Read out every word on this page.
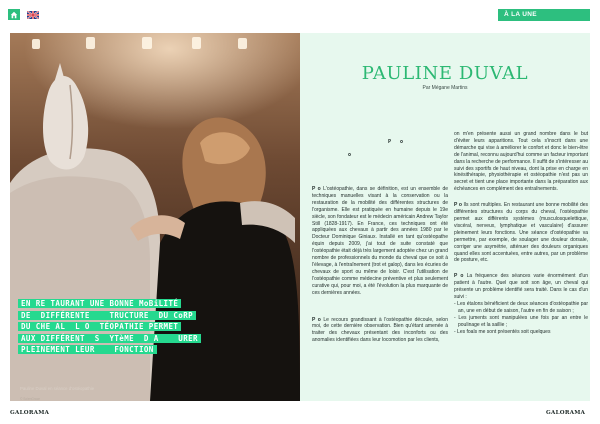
À LA UNE
EN RE TAURANT UNE BONNE MoBiLITÉ
DE  DIFFÉRENTE    TRUCTURE  DU CoRP
DU CHE AL  L O  TÉOPATHIE PERMET
AUX DIFFÉRENT  S  YTèME  D A    URER
PLEINEMENT LEUR    FONCTION
Pauline Duval en séance d'ostéopathie
© SolenGrace
PAULINE DUVAL
Par Mégane Martins
P   o
o

P o L'ostéopathie, dans se définition, est un ensemble de techniques manuelles visant à la conservation ou la restauration de la mobilité des différentes structures de l'organisme. Elle est pratiquée en humaine depuis le 19e siècle, son fondateur est le médecin américain Andrew Taylor Still (1828-1917). En France, ces techniques ont été appliquées aux chevaux à partir des années 1980 par le Docteur Dominique Giniaux. Installé en tant qu'ostéopathe équin depuis 2009, j'ai tout de suite constaté que l'ostéopathie était déjà très largement adoptée chez un grand nombre de professionnels du monde du cheval que ce soit à l'élevage, à l'entraînement (trot et galop), dans les écuries de chevaux de sport ou même de loisir. C'est l'utilisation de l'ostéopathie comme médecine préventive et plus seulement curative qui, pour moi, a été l'évolution la plus marquante de ces dernières années.

P o Le recours grandissant à l'ostéopathie découle, selon moi, de cette dernière observation. Bien qu'étant amenée à traiter des chevaux présentant des inconforts ou des anomalies identifiées dans leur locomotion par les clients,

on m'en présente aussi un grand nombre dans le but d'éviter leurs apparitions. Tout cela s'inscrit dans une démarche qui vise à améliorer le confort et donc le bien-être de l'animal, reconnu aujourd'hui comme un facteur important dans la recherche de performance. Il suffit de s'intéresser au suivi des sportifs de haut niveau, dont la prise en charge en kinésithérapie, physiothérapie et ostéopathie n'est pas un secret et tient une place importante dans la préparation aux échéances en complément des entraînements.

P o Ils sont multiples. En restaurant une bonne mobilité des différentes structures du corps du cheval, l'ostéopathie permet aux différents systèmes (musculosquelettique, viscéral, nerveux, lymphatique et vasculaire) d'assurer pleinement leurs fonctions. Une séance d'ostéopathie va permettre, par exemple, de soulager une douleur dorsale, corriger une asymétrie, atténuer des douleurs organiques quand elles sont accentuées, entre autres, par un problème de posture, etc.

P o La fréquence des séances varie énormément d'un patient à l'autre. Quel que soit son âge, un cheval qui présente un problème identifié sera traité. Dans le cas d'un suivi :

- Les étalons bénéficient de deux séances d'ostéopathie par an, une en début de saison, l'autre en fin de saison ;
- Les juments sont manipulées une fois par an entre le poulinage et la saillie ;
- Les foals me sont présentés soit quelques
GALORAMA	GALORAMA
